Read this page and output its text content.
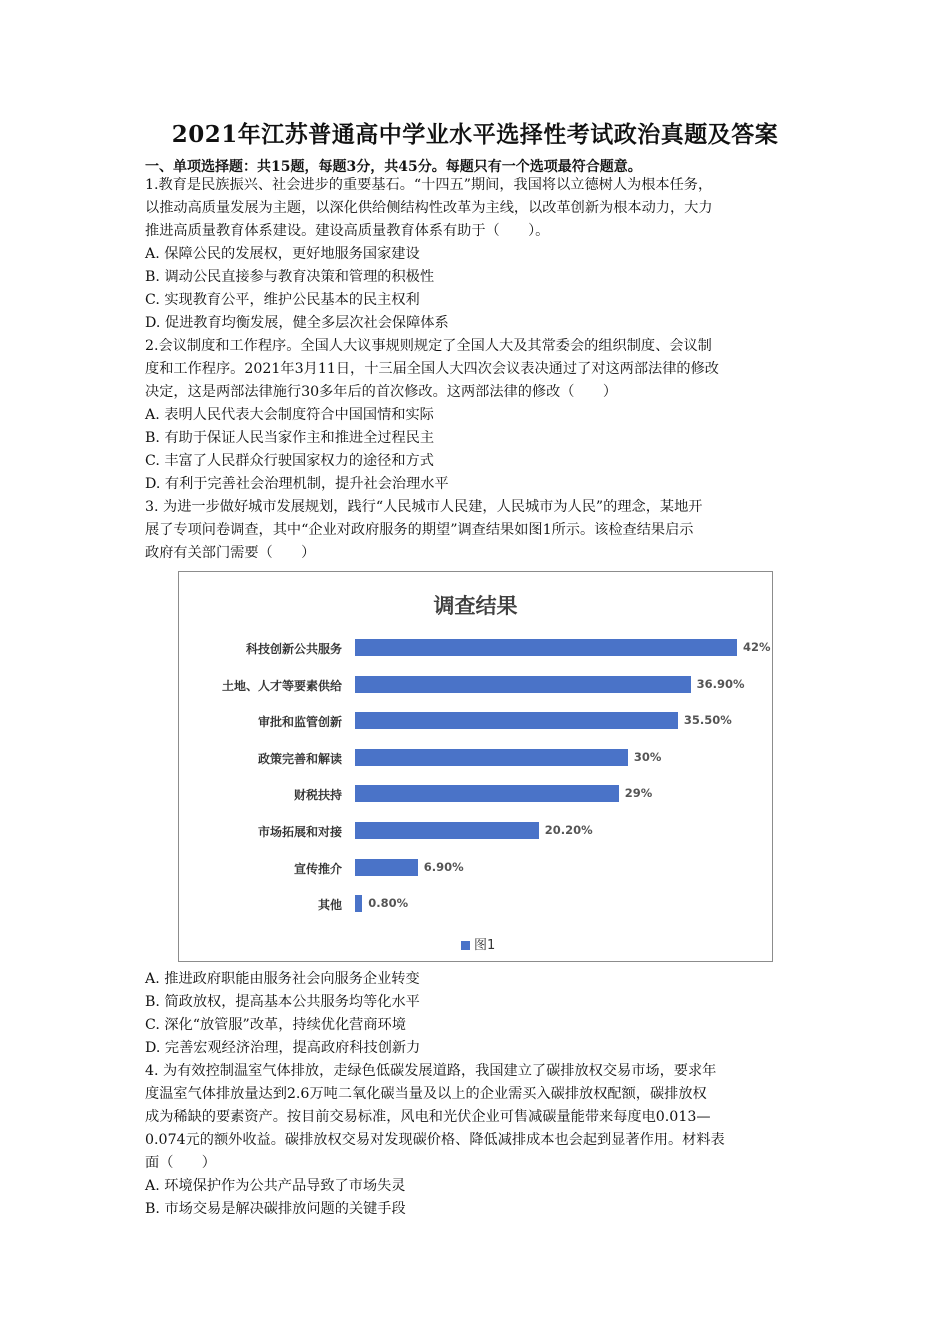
2021年江苏普通高中学业水平选择性考试政治真题及答案
一、单项选择题：共15题，每题3分，共45分。每题只有一个选项最符合题意。
1.教育是民族振兴、社会进步的重要基石。“十四五”期间，我国将以立德树人为根本任务，
以推动高质量发展为主题，以深化供给侧结构性改革为主线，以改革创新为根本动力，大力
推进高质量教育体系建设。建设高质量教育体系有助于（　　）。
A. 保障公民的发展权，更好地服务国家建设
B. 调动公民直接参与教育决策和管理的积极性
C. 实现教育公平，维护公民基本的民主权利
D. 促进教育均衡发展，健全多层次社会保障体系
2.会议制度和工作程序。全国人大议事规则规定了全国人大及其常委会的组织制度、会议制
度和工作程序。2021年3月11日，十三届全国人大四次会议表决通过了对这两部法律的修改
决定，这是两部法律施行30多年后的首次修改。这两部法律的修改（　　）
A. 表明人民代表大会制度符合中国国情和实际
B. 有助于保证人民当家作主和推进全过程民主
C. 丰富了人民群众行驶国家权力的途径和方式
D. 有利于完善社会治理机制，提升社会治理水平
3. 为进一步做好城市发展规划，践行“人民城市人民建，人民城市为人民”的理念，某地开
展了专项问卷调查，其中“企业对政府服务的期望”调查结果如图1所示。该检查结果启示
政府有关部门需要（　　）
调查结果
图1
科技创新公共服务	42%
土地、人才等要素供给	36.90%
审批和监管创新	35.50%
政策完善和解读	30%
财税扶持	29%
市场拓展和对接	20.20%
宣传推介	6.90%
其他 0.80%
A. 推进政府职能由服务社会向服务企业转变
B. 简政放权，提高基本公共服务均等化水平
C. 深化“放管服”改革，持续优化营商环境
D. 完善宏观经济治理，提高政府科技创新力
4. 为有效控制温室气体排放，走绿色低碳发展道路，我国建立了碳排放权交易市场，要求年
度温室气体排放量达到2.6万吨二氧化碳当量及以上的企业需买入碳排放权配额，碳排放权
成为稀缺的要素资产。按目前交易标准，风电和光伏企业可售减碳量能带来每度电0.013—
0.074元的额外收益。碳排放权交易对发现碳价格、降低减排成本也会起到显著作用。材料表
面（　　）
A. 环境保护作为公共产品导致了市场失灵
B. 市场交易是解决碳排放问题的关键手段
